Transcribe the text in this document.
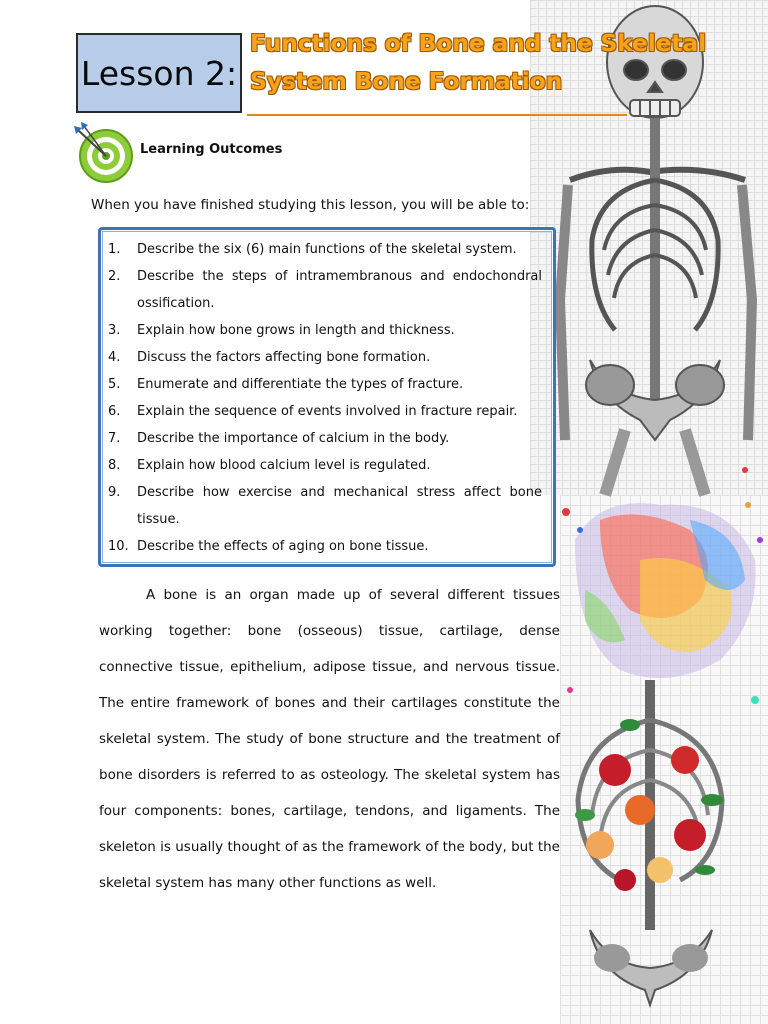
Lesson 2:
Functions of Bone and the Skeletal System Bone Formation
Learning Outcomes
When you have finished studying this lesson, you will be able to:
1.	Describe the six (6) main functions of the skeletal system.
2.	Describe the steps of intramembranous and endochondral ossification.
3.	Explain how bone grows in length and thickness.
4.	Discuss the factors affecting bone formation.
5.	Enumerate and differentiate the types of fracture.
6.	Explain the sequence of events involved in fracture repair.
7.	Describe the importance of calcium in the body.
8.	Explain how blood calcium level is regulated.
9.	Describe how exercise and mechanical stress affect bone tissue.
10. Describe the effects of aging on bone tissue.

A bone is an organ made up of several different tissues working together: bone (osseous) tissue, cartilage, dense connective tissue, epithelium, adipose tissue, and nervous tissue. The entire framework of bones and their cartilages constitute the skeletal system. The study of bone structure and the treatment of bone disorders is referred to as osteology. The skeletal system has four components: bones, cartilage, tendons, and ligaments. The skeleton is usually thought of as the framework of the body, but the skeletal system has many other functions as well.
